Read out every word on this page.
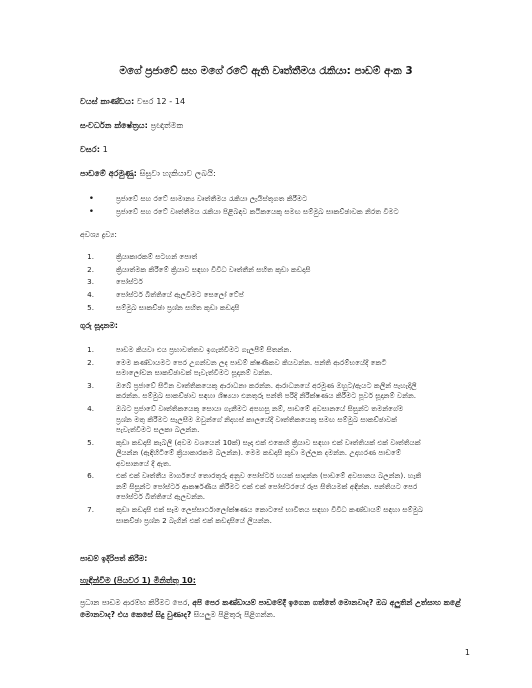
මගේ ප්‍රජාවේ සහ මගේ රටේ ඇති වෘත්තීමය රැකියා: පාඩම් අංක 3
වයස් කාණ්ඩය: වසර 12 - 14
සංවර්ධන ක්ෂේත්‍රය: ප්‍රඥාත්මක
වසර: 1
පාඩමේ අරමුණු: සිසුවා හැකියාව ලබයි:
•	ප්‍රජාවේ සහ රටේ සාමාන්‍ය වෘත්තීමය රැකියා ලැයිස්තුගත කිරීමට
•	ප්‍රජාවේ සහ රටේ වෘත්තීමය රැකියා පිළිබඳව කථිකයෙකු සමඟ සම්මුඛ සාකච්ඡාවක නිරත වීමට
අවශ්‍ය ද්‍රව්‍ය:
1.	ක්‍රියාකාරකම් සටහන් පොත්
2.	ක්‍රියාත්මක කිරීමේ ක්‍රියාව සඳහා විවිධ වෘත්තීන් සහිත කුඩා කඩදාසි
3.	පෝස්ටර්
4.	පෝස්ටර් බිත්තියේ ඇලවීමට සෙලෝ ටේප්
5.	සම්මුඛ සාකච්ඡා ප්‍රශ්න සහිත කුඩා කඩදාසි
ගුරු සූදානම:
1.	පාඩම කියවා එය ප්‍රභාවත්තව ඉගැන්වීමට ගැලපීම් සිතන්න.
2.	මෙම කණ්ඩායමට පෙර උගන්වන ලද පාඩම් ක්ෂණිකව කියවන්න. පන්ති ආරම්භයේදී කෙටි
සමාලෝචන සාකච්ඡාවක් පැවැත්වීමට සූදානම් වන්න.
3.	ඔබේ ප්‍රජාවේ සිටින වෘත්තිකයෙකු ආරාධනා කරන්න. ආරාධනයේ අරමුණ ඔහුට/ඇයට කලින් පැහැදිලි
කරන්න. සම්මුඛ සාකච්ඡාව සඳහා ශිෂ්‍යයා එනතුරු පන්ති පරිදි නිරීක්ෂණය කිරීමට පූර්ව සූදානම් වන්න.
4.	ඔබට ප්‍රජාවේ වෘත්තිකයෙකු සොයා ගැනීමට අපහසු නම්, පාඩමේ අවසානයේ සිසුන්ට තමන්ගේම
ප්‍රශ්න මතු කිරීමට සැලසීම ඔවුන්ගේ නිදහස් කාලයේදී වෘත්තිකයෙකු සමඟ සම්මුඛ සාකච්ඡාවක්
පැවැත්වීමට සලකා බලන්න.
5.	කුඩා කඩදාසි කැබලි (අවම වශයෙන් 10ක්) සෑදා එක් එකෙහි ක්‍රියාව සඳහා එක් වෘත්තියක් එක් වෘත්තියක්
ලියන්න (ඇඳිහිටිමේ ක්‍රියාකාරකම බලන්න). මෙම කඩදාසි කුඩා මල්ලක දමන්න. උදාහරණ පාඩමේ
අවසානයේ දී ඇත.
6.	එක් එක් වෘත්තීය මාර්ගයේ තොරතුරු අනුව පෝස්ටර් හයක් සාදන්න (පාඩමේ අවසානය බලන්න). හැකි
නම් සිසුන්ට පෝස්ටර් ආකර්ෂණීය කිරීමට එක් එක් පෝස්ටරයේ රූප සිතියමක් අඳින්න. පන්තියට පෙර
පෝස්ටර් බිත්තියේ ඇලවන්න.
7.	කුඩා කඩදාසි එක් සෑම ලෙස්සාර්ථාලෝක්ෂණය කොටසේ භාවිතය සඳහා විවිධ කණ්ඩායම් සඳහා සම්මුඛ
සාකච්ඡා ප්‍රශ්න 2 බැගින් එක් එක් කඩදාසියේ ලියන්න.
පාඩම් ඉදිරිපත් කිරීම:
හැඳින්වීම (පියවර 1) මිනිත්තු 10:
ප්‍රධාන පාඩම ආරම්භ කිරීමට පෙර, අපි පෙර කණ්ඩායම් පාඩමේදී ඉගෙන ගත්තේ මොනවාද? ඔබ අලුතින් උත්සාහ කළේ මොනවාද? එය කෙසේ සිදු වුණාද? සියලුම පිළිතුරු පිළිගන්න.
1
